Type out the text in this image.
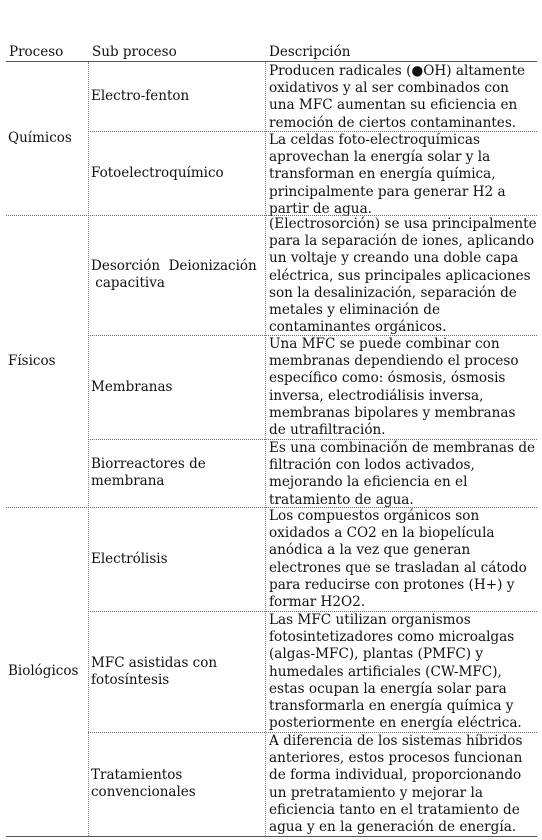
Proceso Sub proceso	Descripción
Químicos
Electro-fenton
Producen radicales (●OH) altamente
oxidativos y al ser combinados con
una MFC aumentan su eficiencia en
remoción de ciertos contaminantes.
Fotoelectroquímico
La celdas foto-electroquímicas
aprovechan la energía solar y la
transforman en energía química,
principalmente para generar H2 a
partir de agua.
Físicos
Desorción  Deionización
capacitiva
(Electrosorción) se usa principalmente
para la separación de iones, aplicando
un voltaje y creando una doble capa
eléctrica, sus principales aplicaciones
son la desalinización, separación de
metales y eliminación de
contaminantes orgánicos.
Membranas
Una MFC se puede combinar con
membranas dependiendo el proceso
específico como: ósmosis, ósmosis
inversa, electrodiálisis inversa,
membranas bipolares y membranas
de utrafiltración.
Biorreactores de
membrana
Es una combinación de membranas de
filtración con lodos activados,
mejorando la eficiencia en el
tratamiento de agua.
Biológicos
Electrólisis
Los compuestos orgánicos son
oxidados a CO2 en la biopelícula
anódica a la vez que generan
electrones que se trasladan al cátodo
para reducirse con protones (H+) y
formar H2O2.
MFC asistidas con
fotosíntesis
Las MFC utilizan organismos
fotosintetizadores como microalgas
(algas-MFC), plantas (PMFC) y
humedales artificiales (CW-MFC),
estas ocupan la energía solar para
transformarla en energía química y
posteriormente en energía eléctrica.
Tratamientos
convencionales
A diferencia de los sistemas híbridos
anteriores, estos procesos funcionan
de forma individual, proporcionando
un pretratamiento y mejorar la
eficiencia tanto en el tratamiento de
agua y en la generación de energía.
